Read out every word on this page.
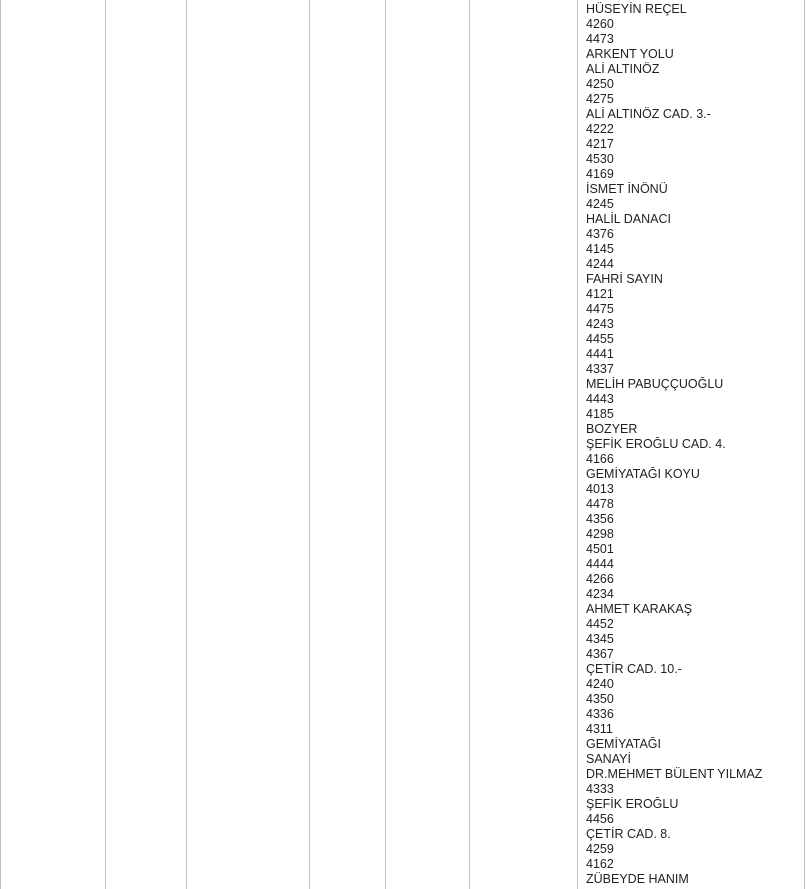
HÜSEYİN REÇEL
4260
4473
ARKENT YOLU
ALİ ALTINÖZ
4250
4275
ALİ ALTINÖZ CAD. 3.-
4222
4217
4530
4169
İSMET İNÖNÜ
4245
HALİL DANACI
4376
4145
4244
FAHRİ SAYIN
4121
4475
4243
4455
4441
4337
MELİH PABUÇÇUOĞLU
4443
4185
BOZYER
ŞEFİK EROĞLU CAD. 4.
4166
GEMİYATAĞI KOYU
4013
4478
4356
4298
4501
4444
4266
4234
AHMET KARAKAŞ
4452
4345
4367
ÇETİR CAD. 10.-
4240
4350
4336
4311
GEMİYATAĞI
SANAYİ
DR.MEHMET BÜLENT YILMAZ
4333
ŞEFİK EROĞLU
4456
ÇETİR CAD. 8.
4259
4162
ZÜBEYDE HANIM
